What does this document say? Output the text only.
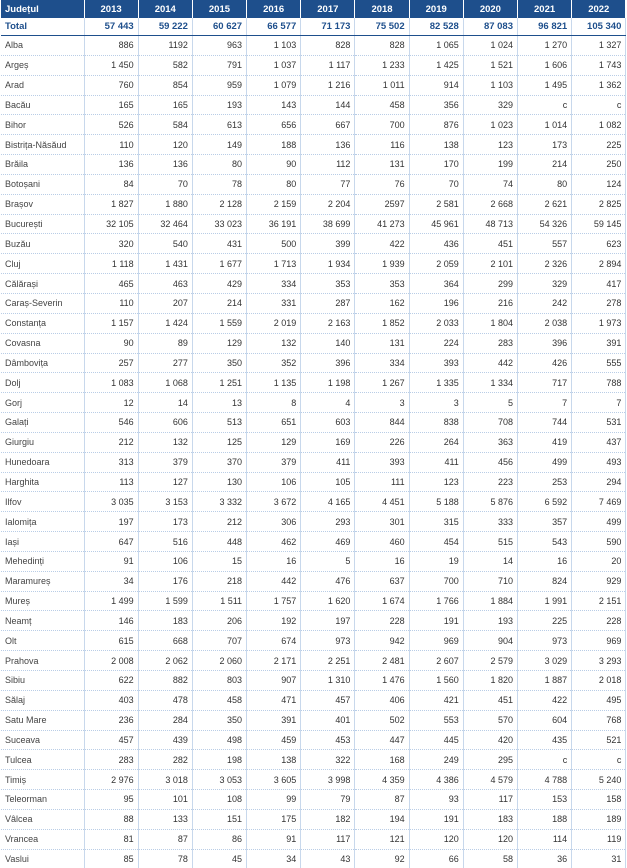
Județul	2013	2014	2015	2016	2017	2018	2019	2020	2021	2022
Total	57 443	59 222	60 627	66 577	71 173	75 502	82 528	87 083	96 821	105 340
Alba	886	1192	963	1 103	828	828	1 065	1 024	1 270	1 327
Argeș	1 450	582	791	1 037	1 117	1 233	1 425	1 521	1 606	1 743
Arad	760	854	959	1 079	1 216	1 011	914	1 103	1 495	1 362
Bacău	165	165	193	143	144	458	356	329	c	c
Bihor	526	584	613	656	667	700	876	1 023	1 014	1 082
Bistrița-Năsăud	110	120	149	188	136	116	138	123	173	225
Brăila	136	136	80	90	112	131	170	199	214	250
Botoșani	84	70	78	80	77	76	70	74	80	124
Brașov	1 827	1 880	2 128	2 159	2 204	2597	2 581	2 668	2 621	2 825
București	32 105	32 464	33 023	36 191	38 699	41 273	45 961	48 713	54 326	59 145
Buzău	320	540	431	500	399	422	436	451	557	623
Cluj	1 118	1 431	1 677	1 713	1 934	1 939	2 059	2 101	2 326	2 894
Călărași	465	463	429	334	353	353	364	299	329	417
Caraș-Severin	110	207	214	331	287	162	196	216	242	278
Constanța	1 157	1 424	1 559	2 019	2 163	1 852	2 033	1 804	2 038	1 973
Covasna	90	89	129	132	140	131	224	283	396	391
Dâmbovița	257	277	350	352	396	334	393	442	426	555
Dolj	1 083	1 068	1 251	1 135	1 198	1 267	1 335	1 334	717	788
Gorj	12	14	13	8	4	3	3	5	7	7
Galați	546	606	513	651	603	844	838	708	744	531
Giurgiu	212	132	125	129	169	226	264	363	419	437
Hunedoara	313	379	370	379	411	393	411	456	499	493
Harghita	113	127	130	106	105	111	123	223	253	294
Ilfov	3 035	3 153	3 332	3 672	4 165	4 451	5 188	5 876	6 592	7 469
Ialomița	197	173	212	306	293	301	315	333	357	499
Iași	647	516	448	462	469	460	454	515	543	590
Mehedinți	91	106	15	16	5	16	19	14	16	20
Maramureș	34	176	218	442	476	637	700	710	824	929
Mureș	1 499	1 599	1 511	1 757	1 620	1 674	1 766	1 884	1 991	2 151
Neamț	146	183	206	192	197	228	191	193	225	228
Olt	615	668	707	674	973	942	969	904	973	969
Prahova	2 008	2 062	2 060	2 171	2 251	2 481	2 607	2 579	3 029	3 293
Sibiu	622	882	803	907	1 310	1 476	1 560	1 820	1 887	2 018
Sălaj	403	478	458	471	457	406	421	451	422	495
Satu Mare	236	284	350	391	401	502	553	570	604	768
Suceava	457	439	498	459	453	447	445	420	435	521
Tulcea	283	282	198	138	322	168	249	295	c	c
Timiș	2 976	3 018	3 053	3 605	3 998	4 359	4 386	4 579	4 788	5 240
Teleorman	95	101	108	99	79	87	93	117	153	158
Vâlcea	88	133	151	175	182	194	191	183	188	189
Vrancea	81	87	86	91	117	121	120	120	114	119
Vaslui	85	78	45	34	43	92	66	58	36	31
